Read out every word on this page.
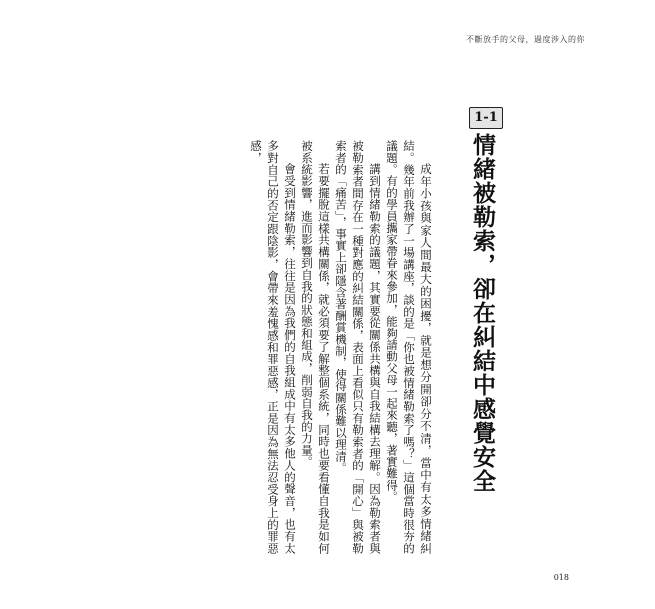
不斷放手的父母，過度涉入的你
1-1
情緒被勒索，卻在糾結中感覺安全

成年小孩與家人間最大的困擾，就是想分開卻分不清，當中有太多情緒糾結。幾年前我辦了一場講座，談的是「你也被情緒勒索了嗎？」這個當時很夯的議題。有的學員攜家帶眷來參加，能夠請動父母一起來聽，著實難得。

講到情緒勒索的議題，其實要從關係共構與自我結構去理解。因為勒索者與被勒索者間存在一種對應的糾結關係，表面上看似只有勒索者的「開心」與被勒索者的「痛苦」，事實上卻隱含著酬賞機制，使得關係難以理清。

若要擺脫這樣共構關係，就必須要了解整個系統，同時也要看懂自我是如何被系統影響，進而影響到自我的狀態和組成，削弱自我的力量。

會受到情緒勒索，往往是因為我們的自我組成中有太多他人的聲音，也有太多對自己的否定跟陰影，會帶來羞愧感和罪惡感，正是因為無法忍受身上的罪惡感，

018
